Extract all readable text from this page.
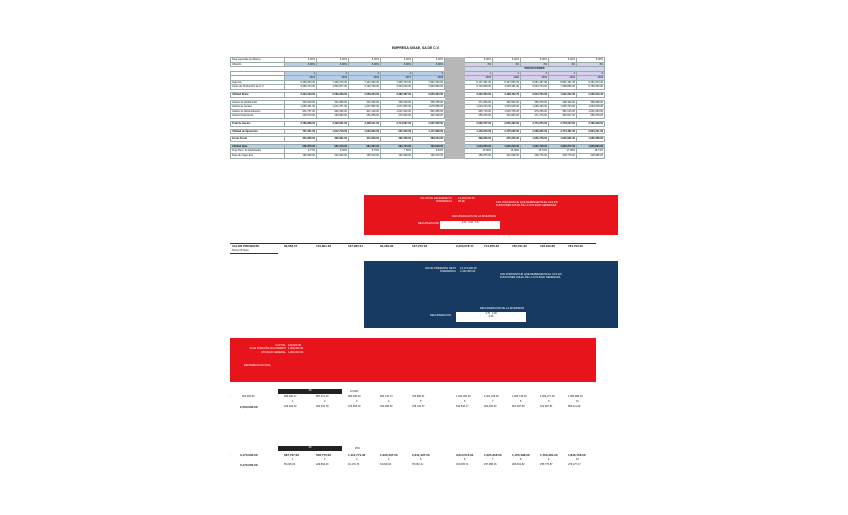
EMPRESA SIGAE, SA DE C.V.
Tasa esperada por Banco	6.00%	6.00%	5.00%	6.00%	6.00%		6.00%	6.00%	6.00%	6.00%	6.00%
Inflación	3.00%	3.00%	3.00%	3.00%	3.00%		3%	3%	3%	3%	3%
							PROYECCIONES				
	1	2	3	4	5		1	2	3	4	5
	2014	2015	2016	2017	2018		2019	2020	2021	2022	2023
Ingresos	8,460,693.00	7,436,376.00	7,421,993.00	7,905,703.00	7,897,263.00		8,137,381.00	8,437,853.79	8,661,497.58	8,891,191.38	9,061,973.40
Costo de Producción de lo V	4,966,374.00	4,846,977.00	4,763,729.00	4,523,216.00	3,946,869.00		4,716,928.00	4,939,451.00	5,044,744.00	7,298,869.00	6,765,063.00

Utilidad Bruta	3,494,319.00	2,589,399.00	2,658,264.00	3,382,487.00	3,950,394.00		3,420,453.00	3,498,402.79	3,616,753.58	1,592,322.38	2,296,910.40

Gastos de Distribución	363,916.00	321,865.00	315,752.00	338,315.00	335,755.00		371,936.00	383,906.00	395,675.00	408,100.00	398,968.00
Gastos de Ventas	1,065,401.00	1,012,371.00	1,007,882.00	1,071,650.00	1,078,988.00		1,016,010.00	1,003,918.00	1,069,183.00	1,096,764.00	1,093,618.00
Gastos de Administración	931,737.00	902,432.00	911,129.00	1,027,202.00	891,965.00		993,716.00	1,015,706.00	979,226.00	991,013.00	1,001,063.00
Gastos Financieros	225,674.00	253,893.00	251,848.00	276,930.00	300,348.00		255,045.00	261,863.00	271,170.00	283,627.00	295,379.00

Total de Gastos	2,786,988.00	2,490,561.00	2,486,611.00	2,714,097.00	2,607,056.00		2,636,707.00	2,665,393.00	2,715,254.00	2,779,504.00	2,789,028.00

Utilidad de Operación	707,331.00	1,612,718.00	1,063,905.00	667,340.00	1,177,988.00		1,149,576.00	2,175,000.00	2,668,065.00	2,773,481.00	3,864,721.00

Costo Fiscal	351,960.00	300,691.00	311,526.00	295,736.00	386,034.00		398,295.00	375,376.00	1,035,778.00	1,035,961.00	1,008,468.00

Utilidad Neta	595,376.00	681,316.00	691,305.00	591,713.00	791,818.00		1,043,050.00	1,000,236.00	1,005,718.00	1,663,277.00	1,856,899.00
Flujo Rem. de Explotación	9.77%	9.39%	8.79%	7.50%	9.91%		13.99%	15.09%	15.31%	17.09%	18.71%
Flujo de Caja Libre	165,069.00	201,932.00	183,519.00	192,098.00	192,979.00		186,075.00	201,098.00	209,776.00	318,776.00	228,695.00
VALOR DE RENDIMIENTO
DIFERENCIA
13,432,000.00
39.49	54% PORCENTAJE QUE REPRESENTA EL CCF EN
FUNCIONES ANUAL DE LA UTILIDAD GENERADA
RECUPERACION DE LA INVERSION
RECUPERACION	3.61 0.00 3.8
VALOR PRESENTE
Suma VP Neta
69,662.57	176,801.48	167,280.01	84,284.92	167,273.18	2,303,678.47	714,875.32	760,011.32	728,910.85	784,700.00
VALOR PRESENTE NETO
DIFERENCIA
13,172,000.00
2,443,305.00
43% PORCENTAJE QUE REPRESENTA EL CCF EN
FUNCIONES ANUAL DE LA UTILIDAD GENERADA
RECUPERACION DE LA INVERSION
RECUPERACION
3.75 0.00
2.48
CAPITAL
% DE PORCIÓN ACCIONARIO
UTILIDAD GENERAL
100,000.00
1,000,000.00
1,000,000.00
RENTABILIDAD FINAL
28	10.50%
-	300,000.00
2,500,000.00
695,396.27	887,371.00	992,265.00	693,742.73	763,886.01	1,043,050.00	1,001,236.00	1,005,718.00	1,663,277.00	1,856,899.00
1	2	3	4	5	6	7	8	9	10
423,319.00	494,331.78	373,963.00	332,098.00	378,794.37	510,544.17	184,092.00	561,397.39	574,697.81	893,411.29
28	25%
-	3,170,000.00
3,170,000.00
587,737.00	508,770.00	1,114,771.00	1,200,437.00	2,341,437.00	3,014,574.91	1,025,318.00	1,155,438.00	1,763,481.00	1,845,718.00
1	2	3	4	5	6	7	8	9	10
56,025.00	226,862.00	91,170.76	63,009.00	78,063.11	115,635.71	257,088.16	295,461.82	255,776.87	276,077.17
